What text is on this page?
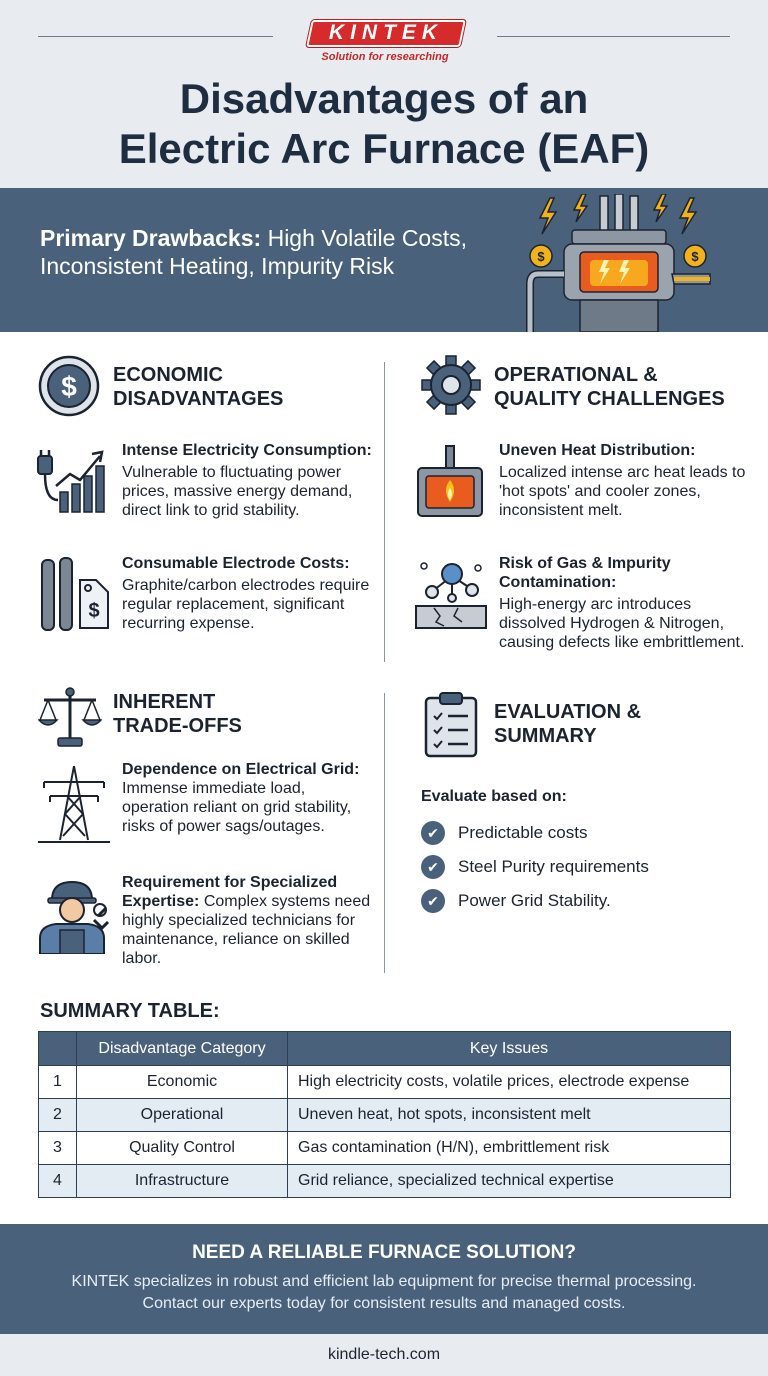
KINTEK
Solution for researching
Disadvantages of an
Electric Arc Furnace (EAF)
Primary Drawbacks: High Volatile Costs, Inconsistent Heating, Impurity Risk	$	$
$ ECONOMIC
DISADVANTAGES
Intense Electricity Consumption:
Vulnerable to fluctuating power prices, massive energy demand, direct link to grid stability.
$
Consumable Electrode Costs:
Graphite/carbon electrodes require regular replacement, significant recurring expense.
OPERATIONAL &
QUALITY CHALLENGES
Uneven Heat Distribution:
Localized intense arc heat leads to 'hot spots' and cooler zones, inconsistent melt.
Risk of Gas & Impurity Contamination:
High-energy arc introduces dissolved Hydrogen & Nitrogen, causing defects like embrittlement.
INHERENT
TRADE-OFFS
Dependence on Electrical Grid:
Immense immediate load, operation reliant on grid stability, risks of power sags/outages.
Requirement for Specialized Expertise: Complex systems need highly specialized technicians for maintenance, reliance on skilled labor.
EVALUATION &
SUMMARY
Evaluate based on:
✔	Predictable costs
✔	Steel Purity requirements
✔	Power Grid Stability.
SUMMARY TABLE:
	Disadvantage Category	Key Issues
1	Economic	High electricity costs, volatile prices, electrode expense
2	Operational	Uneven heat, hot spots, inconsistent melt
3	Quality Control	Gas contamination (H/N), embrittlement risk
4	Infrastructure	Grid reliance, specialized technical expertise
NEED A RELIABLE FURNACE SOLUTION?
KINTEK specializes in robust and efficient lab equipment for precise thermal processing.
Contact our experts today for consistent results and managed costs.
kindle-tech.com
